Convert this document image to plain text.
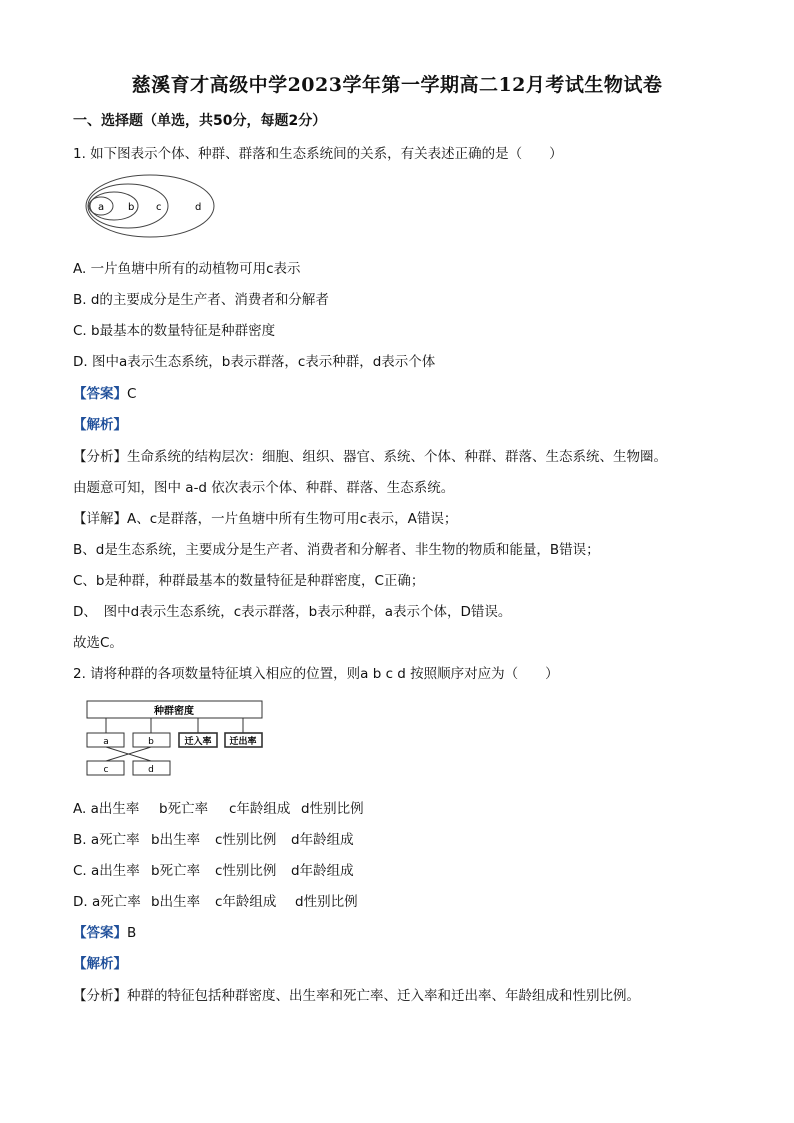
慈溪育才高级中学2023学年第一学期高二12月考试生物试卷
一、选择题（单选，共50分，每题2分）
1. 如下图表示个体、种群、群落和生态系统间的关系，有关表述正确的是（　　）
a b c	d
A. 一片鱼塘中所有的动植物可用c表示
B. d的主要成分是生产者、消费者和分解者
C. b最基本的数量特征是种群密度
D. 图中a表示生态系统，b表示群落，c表示种群，d表示个体
【答案】C
【解析】
【分析】生命系统的结构层次：细胞、组织、器官、系统、个体、种群、群落、生态系统、生物圈。
由题意可知，图中 a-d 依次表示个体、种群、群落、生态系统。
【详解】A、c是群落，一片鱼塘中所有生物可用c表示，A错误；
B、d是生态系统，主要成分是生产者、消费者和分解者、非生物的物质和能量，B错误；
C、b是种群，种群最基本的数量特征是种群密度，C正确；
D、　图中d表示生态系统，c表示群落，b表示种群，a表示个体，D错误。
故选C。
2. 请将种群的各项数量特征填入相应的位置，则a b c d 按照顺序对应为（　　）
种群密度
a	b	迁入率 迁出率
c	d
A. a出生率 b死亡率 c年龄组成 d性别比例
B. a死亡率 b出生率 c性别比例 d年龄组成
C. a出生率 b死亡率 c性别比例 d年龄组成
D. a死亡率 b出生率 c年龄组成 d性别比例
【答案】B
【解析】
【分析】种群的特征包括种群密度、出生率和死亡率、迁入率和迁出率、年龄组成和性别比例。
